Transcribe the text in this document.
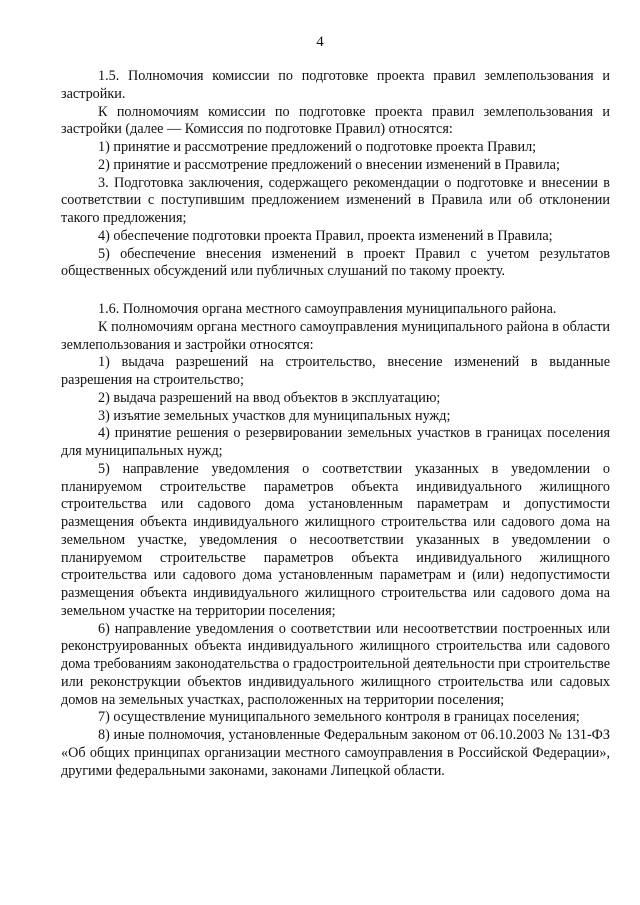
4

1.5. Полномочия комиссии по подготовке проекта правил землепользования и застройки.

К полномочиям комиссии по подготовке проекта правил землепользования и застройки (далее — Комиссия по подготовке Правил) относятся:

1) принятие и рассмотрение предложений о подготовке проекта Правил;

2) принятие и рассмотрение предложений о внесении изменений в Правила;

3. Подготовка заключения, содержащего рекомендации о подготовке и внесении в соответствии с поступившим предложением изменений в Правила или об отклонении такого предложения;

4) обеспечение подготовки проекта Правил, проекта изменений в Правила;

5) обеспечение внесения изменений в проект Правил с учетом результатов общественных обсуждений или публичных слушаний по такому проекту.

1.6. Полномочия органа местного самоуправления муниципального района.

К полномочиям органа местного самоуправления муниципального района в области землепользования и застройки относятся:

1) выдача разрешений на строительство, внесение изменений в выданные разрешения на строительство;

2) выдача разрешений на ввод объектов в эксплуатацию;

3) изъятие земельных участков для муниципальных нужд;

4) принятие решения о резервировании земельных участков в границах поселения для муниципальных нужд;

5) направление уведомления о соответствии указанных в уведомлении о планируемом строительстве параметров объекта индивидуального жилищного строительства или садового дома установленным параметрам и допустимости размещения объекта индивидуального жилищного строительства или садового дома на земельном участке, уведомления о несоответствии указанных в уведомлении о планируемом строительстве параметров объекта индивидуального жилищного строительства или садового дома установленным параметрам и (или) недопустимости размещения объекта индивидуального жилищного строительства или садового дома на земельном участке на территории поселения;

6) направление уведомления о соответствии или несоответствии построенных или реконструированных объекта индивидуального жилищного строительства или садового дома требованиям законодательства о градостроительной деятельности при строительстве или реконструкции объектов индивидуального жилищного строительства или садовых домов на земельных участках, расположенных на территории поселения;

7) осуществление муниципального земельного контроля в границах поселения;

8) иные полномочия, установленные Федеральным законом от 06.10.2003 № 131-ФЗ «Об общих принципах организации местного самоуправления в Российской Федерации», другими федеральными законами, законами Липецкой области.
